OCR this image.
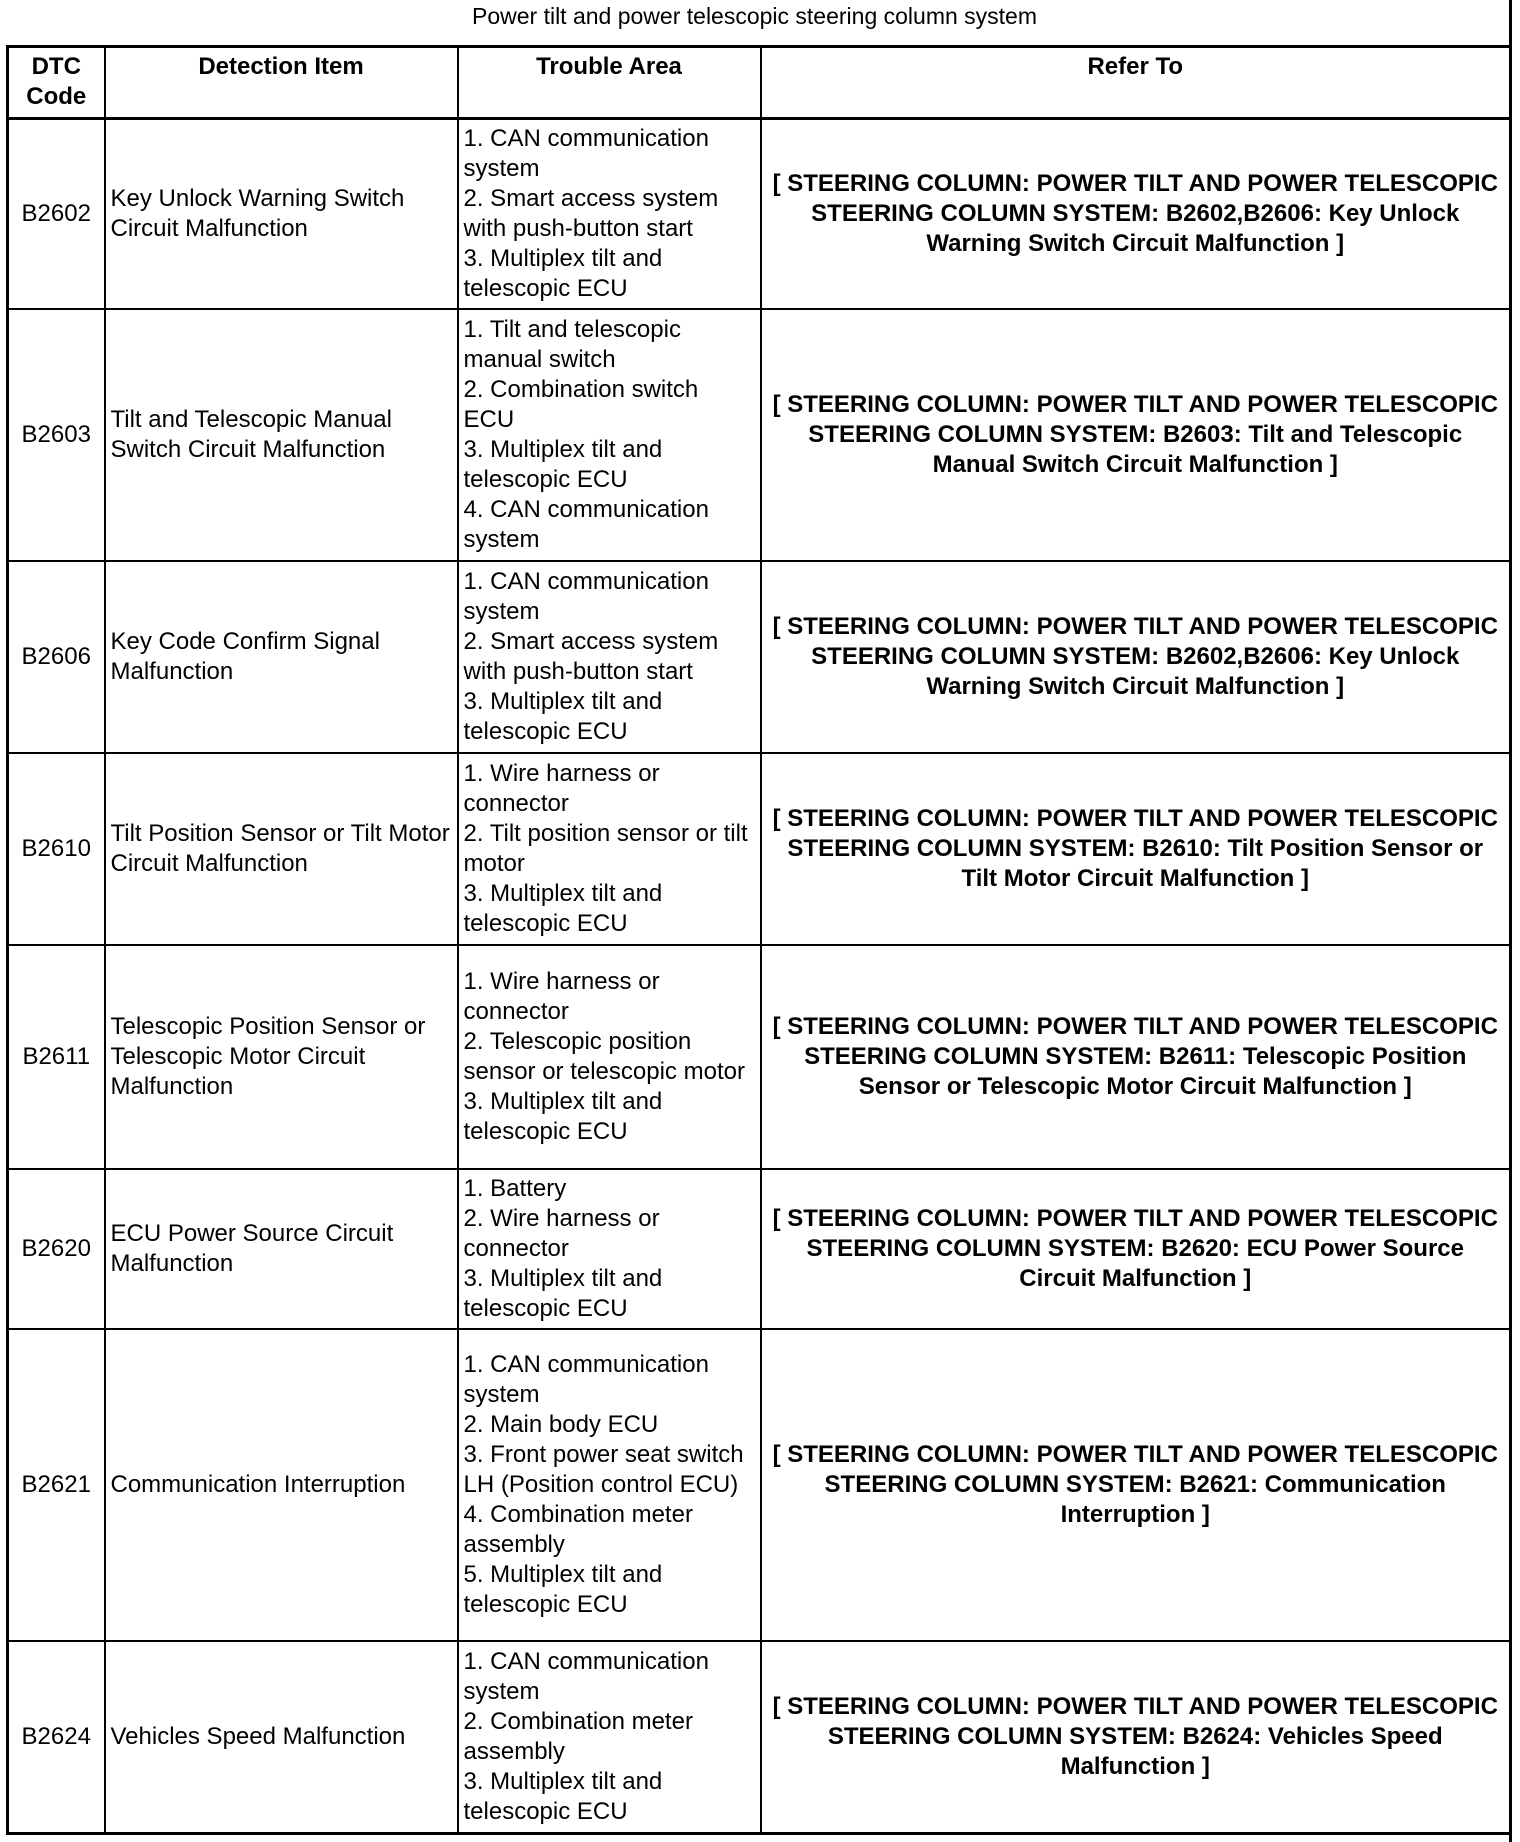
Power tilt and power telescopic steering column system
DTC Code	Detection Item	Trouble Area	Refer To
B2602	Key Unlock Warning Switch Circuit Malfunction	1. CAN communication system
2. Smart access system with push-button start
3. Multiplex tilt and telescopic ECU	[ STEERING COLUMN: POWER TILT AND POWER TELESCOPIC STEERING COLUMN SYSTEM: B2602,B2606: Key Unlock Warning Switch Circuit Malfunction ]
B2603	Tilt and Telescopic Manual Switch Circuit Malfunction	1. Tilt and telescopic manual switch
2. Combination switch ECU
3. Multiplex tilt and telescopic ECU
4. CAN communication system	[ STEERING COLUMN: POWER TILT AND POWER TELESCOPIC STEERING COLUMN SYSTEM: B2603: Tilt and Telescopic Manual Switch Circuit Malfunction ]
B2606	Key Code Confirm Signal Malfunction	1. CAN communication system
2. Smart access system with push-button start
3. Multiplex tilt and telescopic ECU	[ STEERING COLUMN: POWER TILT AND POWER TELESCOPIC STEERING COLUMN SYSTEM: B2602,B2606: Key Unlock Warning Switch Circuit Malfunction ]
B2610	Tilt Position Sensor or Tilt Motor Circuit Malfunction	1. Wire harness or connector
2. Tilt position sensor or tilt motor
3. Multiplex tilt and telescopic ECU	[ STEERING COLUMN: POWER TILT AND POWER TELESCOPIC STEERING COLUMN SYSTEM: B2610: Tilt Position Sensor or Tilt Motor Circuit Malfunction ]
B2611	Telescopic Position Sensor or Telescopic Motor Circuit Malfunction	1. Wire harness or connector
2. Telescopic position sensor or telescopic motor
3. Multiplex tilt and telescopic ECU	[ STEERING COLUMN: POWER TILT AND POWER TELESCOPIC STEERING COLUMN SYSTEM: B2611: Telescopic Position Sensor or Telescopic Motor Circuit Malfunction ]
B2620	ECU Power Source Circuit Malfunction	1. Battery
2. Wire harness or connector
3. Multiplex tilt and telescopic ECU	[ STEERING COLUMN: POWER TILT AND POWER TELESCOPIC STEERING COLUMN SYSTEM: B2620: ECU Power Source Circuit Malfunction ]
B2621	Communication Interruption	1. CAN communication system
2. Main body ECU
3. Front power seat switch LH (Position control ECU)
4. Combination meter assembly
5. Multiplex tilt and telescopic ECU	[ STEERING COLUMN: POWER TILT AND POWER TELESCOPIC STEERING COLUMN SYSTEM: B2621: Communication Interruption ]
B2624	Vehicles Speed Malfunction	1. CAN communication system
2. Combination meter assembly
3. Multiplex tilt and telescopic ECU	[ STEERING COLUMN: POWER TILT AND POWER TELESCOPIC STEERING COLUMN SYSTEM: B2624: Vehicles Speed Malfunction ]
